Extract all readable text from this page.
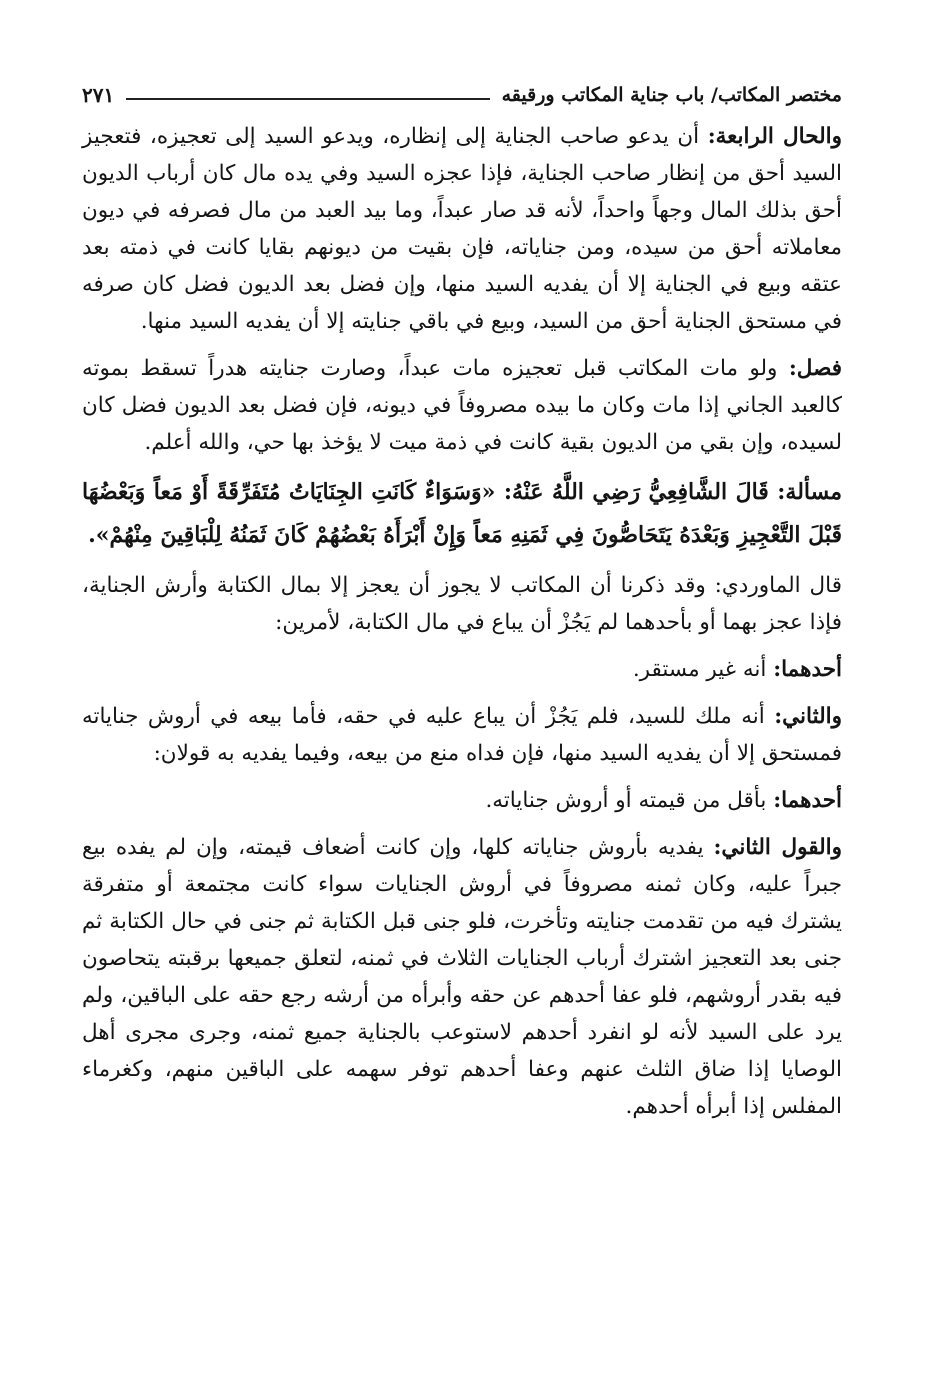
مختصر المكاتب/ باب جناية المكاتب ورقيقه
٢٧١

والحال الرابعة: أن يدعو صاحب الجناية إلى إنظاره، ويدعو السيد إلى تعجيزه، فتعجيز السيد أحق من إنظار صاحب الجناية، فإذا عجزه السيد وفي يده مال كان أرباب الديون أحق بذلك المال وجهاً واحداً، لأنه قد صار عبداً، وما بيد العبد من مال فصرفه في ديون معاملاته أحق من سيده، ومن جناياته، فإن بقيت من ديونهم بقايا كانت في ذمته بعد عتقه وبيع في الجناية إلا أن يفديه السيد منها، وإن فضل بعد الديون فضل كان صرفه في مستحق الجناية أحق من السيد، وبيع في باقي جنايته إلا أن يفديه السيد منها.

فصل: ولو مات المكاتب قبل تعجيزه مات عبداً، وصارت جنايته هدراً تسقط بموته كالعبد الجاني إذا مات وكان ما بيده مصروفاً في ديونه، فإن فضل بعد الديون فضل كان لسيده، وإن بقي من الديون بقية كانت في ذمة ميت لا يؤخذ بها حي، والله أعلم.

مسألة: قَالَ الشَّافِعِيُّ رَضِي اللَّهُ عَنْهُ: «وَسَوَاءٌ كَانَتِ الجِنَايَاتُ مُتَفَرِّقَةً أَوْ مَعاً وَبَعْضُهَا قَبْلَ التَّعْجِيزِ وَبَعْدَهُ يَتَحَاصُّونَ فِي ثَمَنِهِ مَعاً وَإِنْ أَبْرَأَهُ بَعْضُهُمْ كَانَ ثَمَنُهُ لِلْبَاقِينَ مِنْهُمْ».

قال الماوردي: وقد ذكرنا أن المكاتب لا يجوز أن يعجز إلا بمال الكتابة وأرش الجناية، فإذا عجز بهما أو بأحدهما لم يَجُزْ أن يباع في مال الكتابة، لأمرين:

أحدهما: أنه غير مستقر.

والثاني: أنه ملك للسيد، فلم يَجُزْ أن يباع عليه في حقه، فأما بيعه في أروش جناياته فمستحق إلا أن يفديه السيد منها، فإن فداه منع من بيعه، وفيما يفديه به قولان:

أحدهما: بأقل من قيمته أو أروش جناياته.

والقول الثاني: يفديه بأروش جناياته كلها، وإن كانت أضعاف قيمته، وإن لم يفده بيع جبراً عليه، وكان ثمنه مصروفاً في أروش الجنايات سواء كانت مجتمعة أو متفرقة يشترك فيه من تقدمت جنايته وتأخرت، فلو جنى قبل الكتابة ثم جنى في حال الكتابة ثم جنى بعد التعجيز اشترك أرباب الجنايات الثلاث في ثمنه، لتعلق جميعها برقبته يتحاصون فيه بقدر أروشهم، فلو عفا أحدهم عن حقه وأبرأه من أرشه رجع حقه على الباقين، ولم يرد على السيد لأنه لو انفرد أحدهم لاستوعب بالجناية جميع ثمنه، وجرى مجرى أهل الوصايا إذا ضاق الثلث عنهم وعفا أحدهم توفر سهمه على الباقين منهم، وكغرماء المفلس إذا أبرأه أحدهم.
